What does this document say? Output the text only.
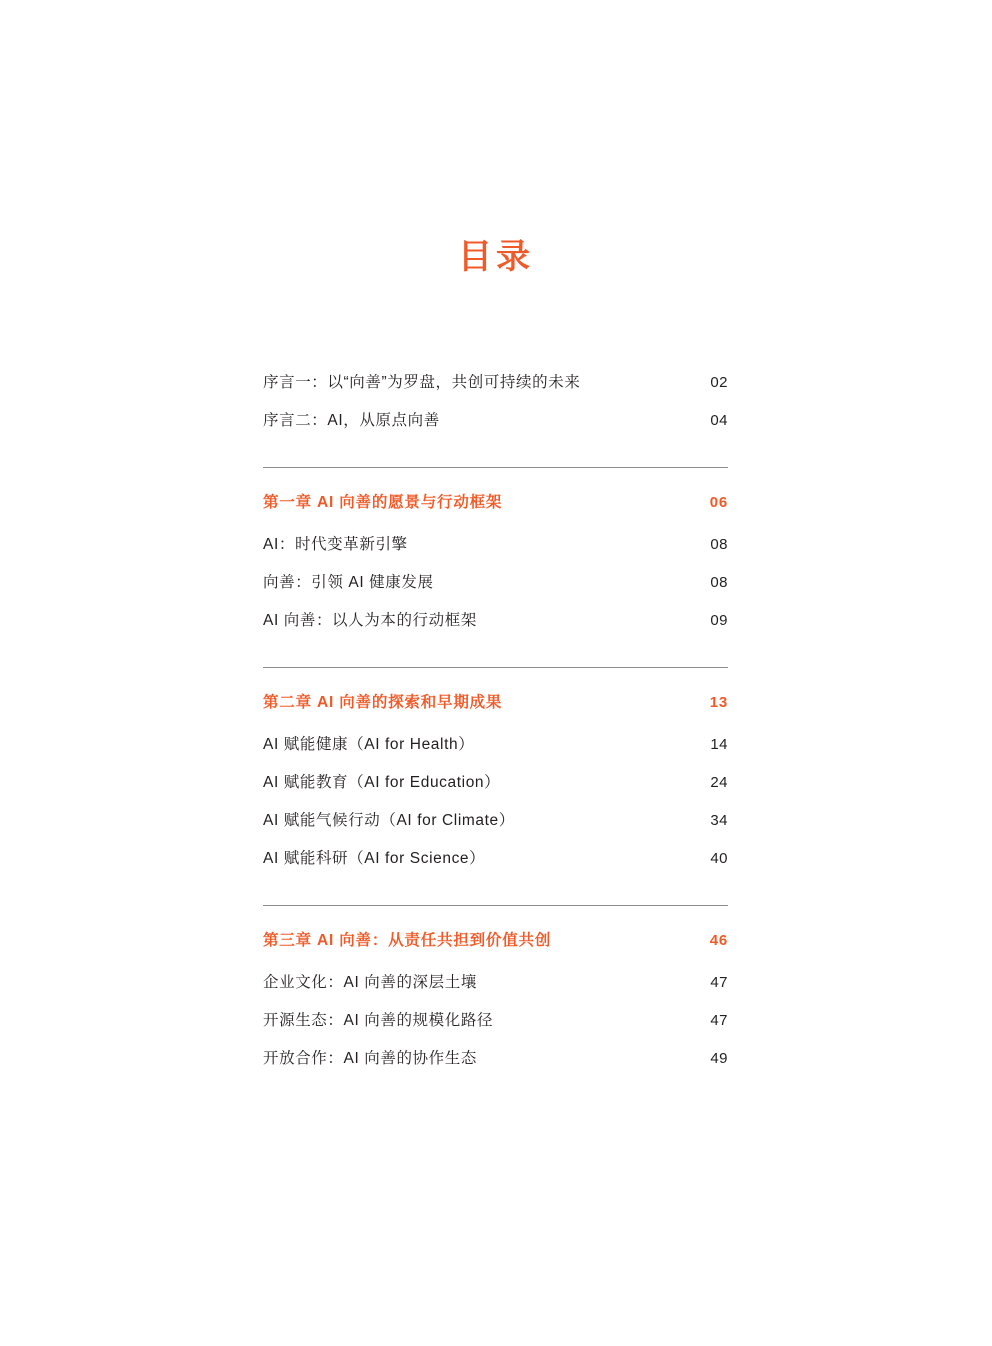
目录
序言一：以“向善”为罗盘，共创可持续的未来	02
序言二：AI，从原点向善	04
第一章 AI 向善的愿景与行动框架	06
AI：时代变革新引擎	08
向善：引领 AI 健康发展	08
AI 向善：以人为本的行动框架	09
第二章 AI 向善的探索和早期成果	13
AI 赋能健康（AI for Health）	14
AI 赋能教育（AI for Education）	24
AI 赋能气候行动（AI for Climate）	34
AI 赋能科研（AI for Science）	40
第三章 AI 向善：从责任共担到价值共创	46
企业文化：AI 向善的深层土壤	47
开源生态：AI 向善的规模化路径	47
开放合作：AI 向善的协作生态	49
